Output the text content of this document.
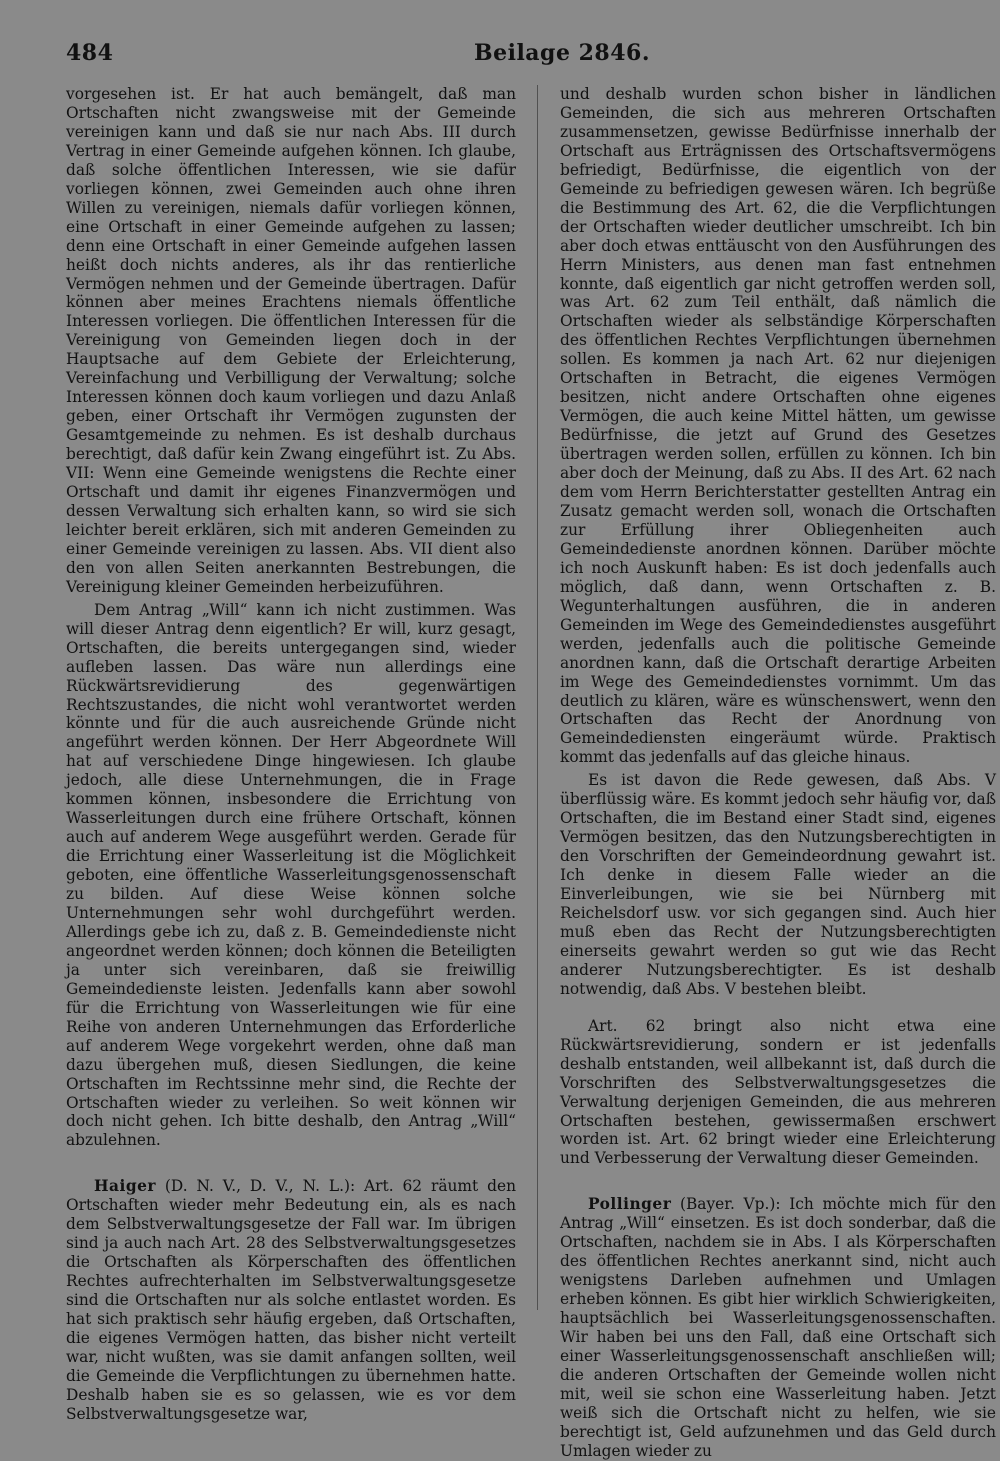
484	Beilage 2846.

vorgesehen ist. Er hat auch bemängelt, daß man Ortschaften nicht zwangsweise mit der Gemeinde vereinigen kann und daß sie nur nach Abs. III durch Vertrag in einer Gemeinde aufgehen können. Ich glaube, daß solche öffentlichen Interessen, wie sie dafür vorliegen können, zwei Gemeinden auch ohne ihren Willen zu vereinigen, niemals dafür vorliegen können, eine Ortschaft in einer Gemeinde aufgehen zu lassen; denn eine Ortschaft in einer Gemeinde aufgehen lassen heißt doch nichts anderes, als ihr das rentierliche Vermögen nehmen und der Gemeinde übertragen. Dafür können aber meines Erachtens niemals öffentliche Interessen vorliegen. Die öffentlichen Interessen für die Vereinigung von Gemeinden liegen doch in der Hauptsache auf dem Gebiete der Erleichterung, Vereinfachung und Verbilligung der Verwaltung; solche Interessen können doch kaum vorliegen und dazu Anlaß geben, einer Ortschaft ihr Vermögen zugunsten der Gesamtgemeinde zu nehmen. Es ist deshalb durchaus berechtigt, daß dafür kein Zwang eingeführt ist. Zu Abs. VII: Wenn eine Gemeinde wenigstens die Rechte einer Ortschaft und damit ihr eigenes Finanzvermögen und dessen Verwaltung sich erhalten kann, so wird sie sich leichter bereit erklären, sich mit anderen Gemeinden zu einer Gemeinde vereinigen zu lassen. Abs. VII dient also den von allen Seiten anerkannten Bestrebungen, die Vereinigung kleiner Gemeinden herbeizuführen.

Dem Antrag „Will“ kann ich nicht zustimmen. Was will dieser Antrag denn eigentlich? Er will, kurz gesagt, Ortschaften, die bereits untergegangen sind, wieder aufleben lassen. Das wäre nun allerdings eine Rückwärtsrevidierung des gegenwärtigen Rechtszustandes, die nicht wohl verantwortet werden könnte und für die auch ausreichende Gründe nicht angeführt werden können. Der Herr Abgeordnete Will hat auf verschiedene Dinge hingewiesen. Ich glaube jedoch, alle diese Unternehmungen, die in Frage kommen können, insbesondere die Errichtung von Wasserleitungen durch eine frühere Ortschaft, können auch auf anderem Wege ausgeführt werden. Gerade für die Errichtung einer Wasserleitung ist die Möglichkeit geboten, eine öffentliche Wasserleitungsgenossenschaft zu bilden. Auf diese Weise können solche Unternehmungen sehr wohl durchgeführt werden. Allerdings gebe ich zu, daß z. B. Gemeindedienste nicht angeordnet werden können; doch können die Beteiligten ja unter sich vereinbaren, daß sie freiwillig Gemeindedienste leisten. Jedenfalls kann aber sowohl für die Errichtung von Wasserleitungen wie für eine Reihe von anderen Unternehmungen das Erforderliche auf anderem Wege vorgekehrt werden, ohne daß man dazu übergehen muß, diesen Siedlungen, die keine Ortschaften im Rechtssinne mehr sind, die Rechte der Ortschaften wieder zu verleihen. So weit können wir doch nicht gehen. Ich bitte deshalb, den Antrag „Will“ abzulehnen.

Haiger (D. N. V., D. V., N. L.): Art. 62 räumt den Ortschaften wieder mehr Bedeutung ein, als es nach dem Selbstverwaltungsgesetze der Fall war. Im übrigen sind ja auch nach Art. 28 des Selbstverwaltungsgesetzes die Ortschaften als Körperschaften des öffentlichen Rechtes aufrechterhalten im Selbstverwaltungsgesetze sind die Ortschaften nur als solche entlastet worden. Es hat sich praktisch sehr häufig ergeben, daß Ortschaften, die eigenes Vermögen hatten, das bisher nicht verteilt war, nicht wußten, was sie damit anfangen sollten, weil die Gemeinde die Verpflichtungen zu übernehmen hatte. Deshalb haben sie es so gelassen, wie es vor dem Selbstverwaltungsgesetze war,

und deshalb wurden schon bisher in ländlichen Gemeinden, die sich aus mehreren Ortschaften zusammensetzen, gewisse Bedürfnisse innerhalb der Ortschaft aus Erträgnissen des Ortschaftsvermögens befriedigt, Bedürfnisse, die eigentlich von der Gemeinde zu befriedigen gewesen wären. Ich begrüße die Bestimmung des Art. 62, die die Verpflichtungen der Ortschaften wieder deutlicher umschreibt. Ich bin aber doch etwas enttäuscht von den Ausführungen des Herrn Ministers, aus denen man fast entnehmen konnte, daß eigentlich gar nicht getroffen werden soll, was Art. 62 zum Teil enthält, daß nämlich die Ortschaften wieder als selbständige Körperschaften des öffentlichen Rechtes Verpflichtungen übernehmen sollen. Es kommen ja nach Art. 62 nur diejenigen Ortschaften in Betracht, die eigenes Vermögen besitzen, nicht andere Ortschaften ohne eigenes Vermögen, die auch keine Mittel hätten, um gewisse Bedürfnisse, die jetzt auf Grund des Gesetzes übertragen werden sollen, erfüllen zu können. Ich bin aber doch der Meinung, daß zu Abs. II des Art. 62 nach dem vom Herrn Berichterstatter gestellten Antrag ein Zusatz gemacht werden soll, wonach die Ortschaften zur Erfüllung ihrer Obliegenheiten auch Gemeindedienste anordnen können. Darüber möchte ich noch Auskunft haben: Es ist doch jedenfalls auch möglich, daß dann, wenn Ortschaften z. B. Wegunterhaltungen ausführen, die in anderen Gemeinden im Wege des Gemeindedienstes ausgeführt werden, jedenfalls auch die politische Gemeinde anordnen kann, daß die Ortschaft derartige Arbeiten im Wege des Gemeindedienstes vornimmt. Um das deutlich zu klären, wäre es wünschenswert, wenn den Ortschaften das Recht der Anordnung von Gemeindediensten eingeräumt würde. Praktisch kommt das jedenfalls auf das gleiche hinaus.

Es ist davon die Rede gewesen, daß Abs. V überflüssig wäre. Es kommt jedoch sehr häufig vor, daß Ortschaften, die im Bestand einer Stadt sind, eigenes Vermögen besitzen, das den Nutzungsberechtigten in den Vorschriften der Gemeindeordnung gewahrt ist. Ich denke in diesem Falle wieder an die Einverleibungen, wie sie bei Nürnberg mit Reichelsdorf usw. vor sich gegangen sind. Auch hier muß eben das Recht der Nutzungsberechtigten einerseits gewahrt werden so gut wie das Recht anderer Nutzungsberechtigter. Es ist deshalb notwendig, daß Abs. V bestehen bleibt.

Art. 62 bringt also nicht etwa eine Rückwärtsrevidierung, sondern er ist jedenfalls deshalb entstanden, weil allbekannt ist, daß durch die Vorschriften des Selbstverwaltungsgesetzes die Verwaltung derjenigen Gemeinden, die aus mehreren Ortschaften bestehen, gewissermaßen erschwert worden ist. Art. 62 bringt wieder eine Erleichterung und Verbesserung der Verwaltung dieser Gemeinden.

Pollinger (Bayer. Vp.): Ich möchte mich für den Antrag „Will“ einsetzen. Es ist doch sonderbar, daß die Ortschaften, nachdem sie in Abs. I als Körperschaften des öffentlichen Rechtes anerkannt sind, nicht auch wenigstens Darleben aufnehmen und Umlagen erheben können. Es gibt hier wirklich Schwierigkeiten, hauptsächlich bei Wasserleitungsgenossenschaften. Wir haben bei uns den Fall, daß eine Ortschaft sich einer Wasserleitungsgenossenschaft anschließen will; die anderen Ortschaften der Gemeinde wollen nicht mit, weil sie schon eine Wasserleitung haben. Jetzt weiß sich die Ortschaft nicht zu helfen, wie sie berechtigt ist, Geld aufzunehmen und das Geld durch Umlagen wieder zu
